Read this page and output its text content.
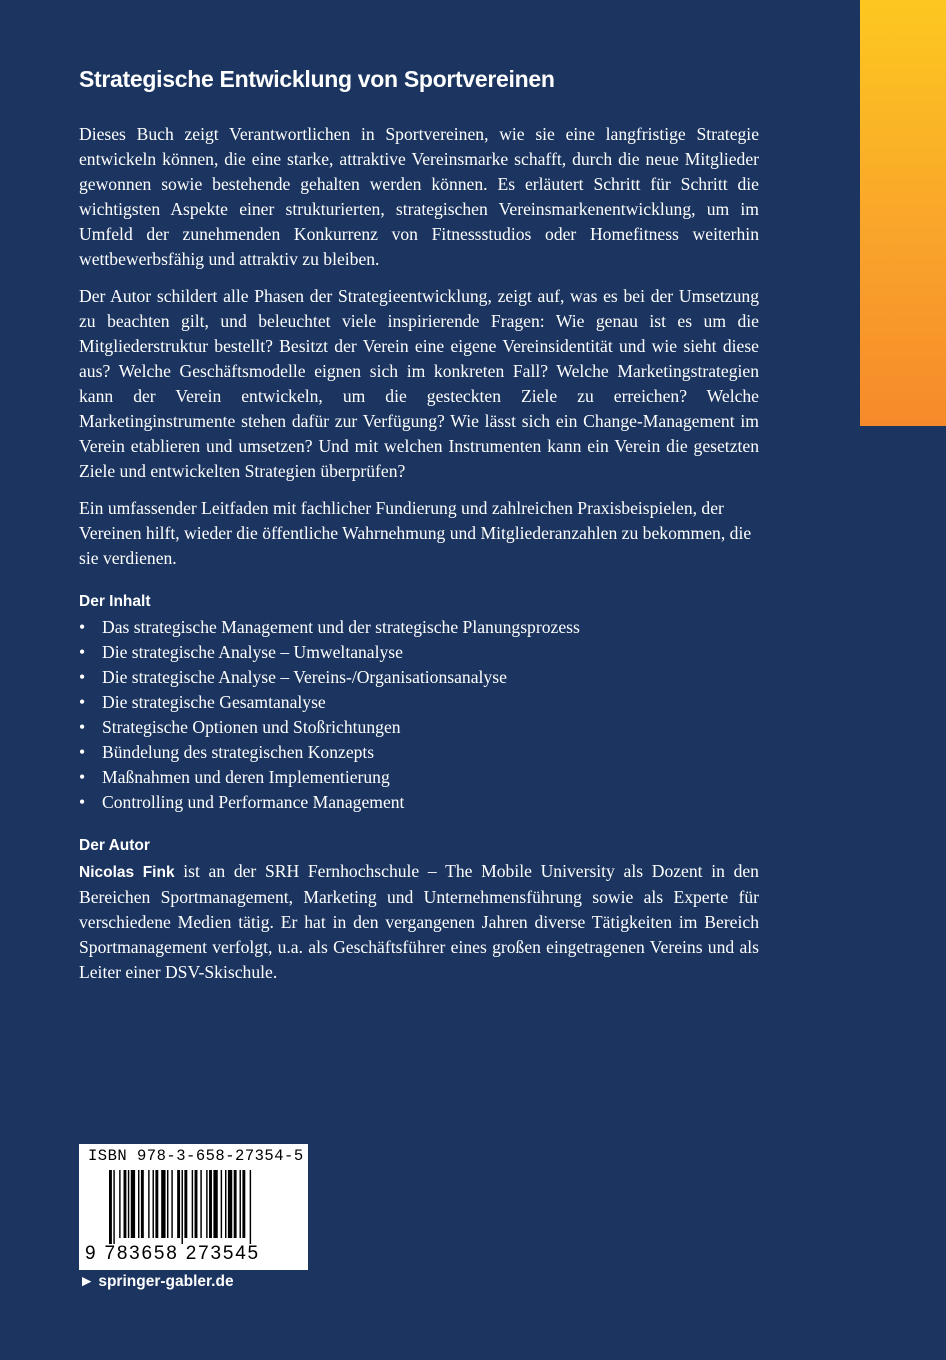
Strategische Entwicklung von Sportvereinen

Dieses Buch zeigt Verantwortlichen in Sportvereinen, wie sie eine langfristige Strategie entwickeln können, die eine starke, attraktive Vereinsmarke schafft, durch die neue Mitglieder gewonnen sowie bestehende gehalten werden können. Es erläutert Schritt für Schritt die wichtigsten Aspekte einer strukturierten, strategischen Vereinsmarkenentwicklung, um im Umfeld der zunehmenden Konkurrenz von Fitnessstudios oder Homefitness weiterhin wettbewerbsfähig und attraktiv zu bleiben.

Der Autor schildert alle Phasen der Strategieentwicklung, zeigt auf, was es bei der Umsetzung zu beachten gilt, und beleuchtet viele inspirierende Fragen: Wie genau ist es um die Mitgliederstruktur bestellt? Besitzt der Verein eine eigene Vereinsidentität und wie sieht diese aus? Welche Geschäftsmodelle eignen sich im konkreten Fall? Welche Marketingstrategien kann der Verein entwickeln, um die gesteckten Ziele zu erreichen? Welche Marketinginstrumente stehen dafür zur Verfügung? Wie lässt sich ein Change-Management im Verein etablieren und umsetzen? Und mit welchen Instrumenten kann ein Verein die gesetzten Ziele und entwickelten Strategien überprüfen?

Ein umfassender Leitfaden mit fachlicher Fundierung und zahlreichen Praxisbeispielen, der Vereinen hilft, wieder die öffentliche Wahrnehmung und Mitgliederanzahlen zu bekommen, die sie verdienen.

Der Inhalt
• Das strategische Management und der strategische Planungsprozess
• Die strategische Analyse – Umweltanalyse
• Die strategische Analyse – Vereins-/Organisationsanalyse
• Die strategische Gesamtanalyse
• Strategische Optionen und Stoßrichtungen
• Bündelung des strategischen Konzepts
• Maßnahmen und deren Implementierung
• Controlling und Performance Management
Der Autor

Nicolas Fink ist an der SRH Fernhochschule – The Mobile University als Dozent in den Bereichen Sportmanagement, Marketing und Unternehmensführung sowie als Experte für verschiedene Medien tätig. Er hat in den vergangenen Jahren diverse Tätigkeiten im Bereich Sportmanagement verfolgt, u.a. als Geschäftsführer eines großen eingetragenen Vereins und als Leiter einer DSV-Skischule.

ISBN 978-3-658-27354-5
9 783658 273545
► springer-gabler.de
